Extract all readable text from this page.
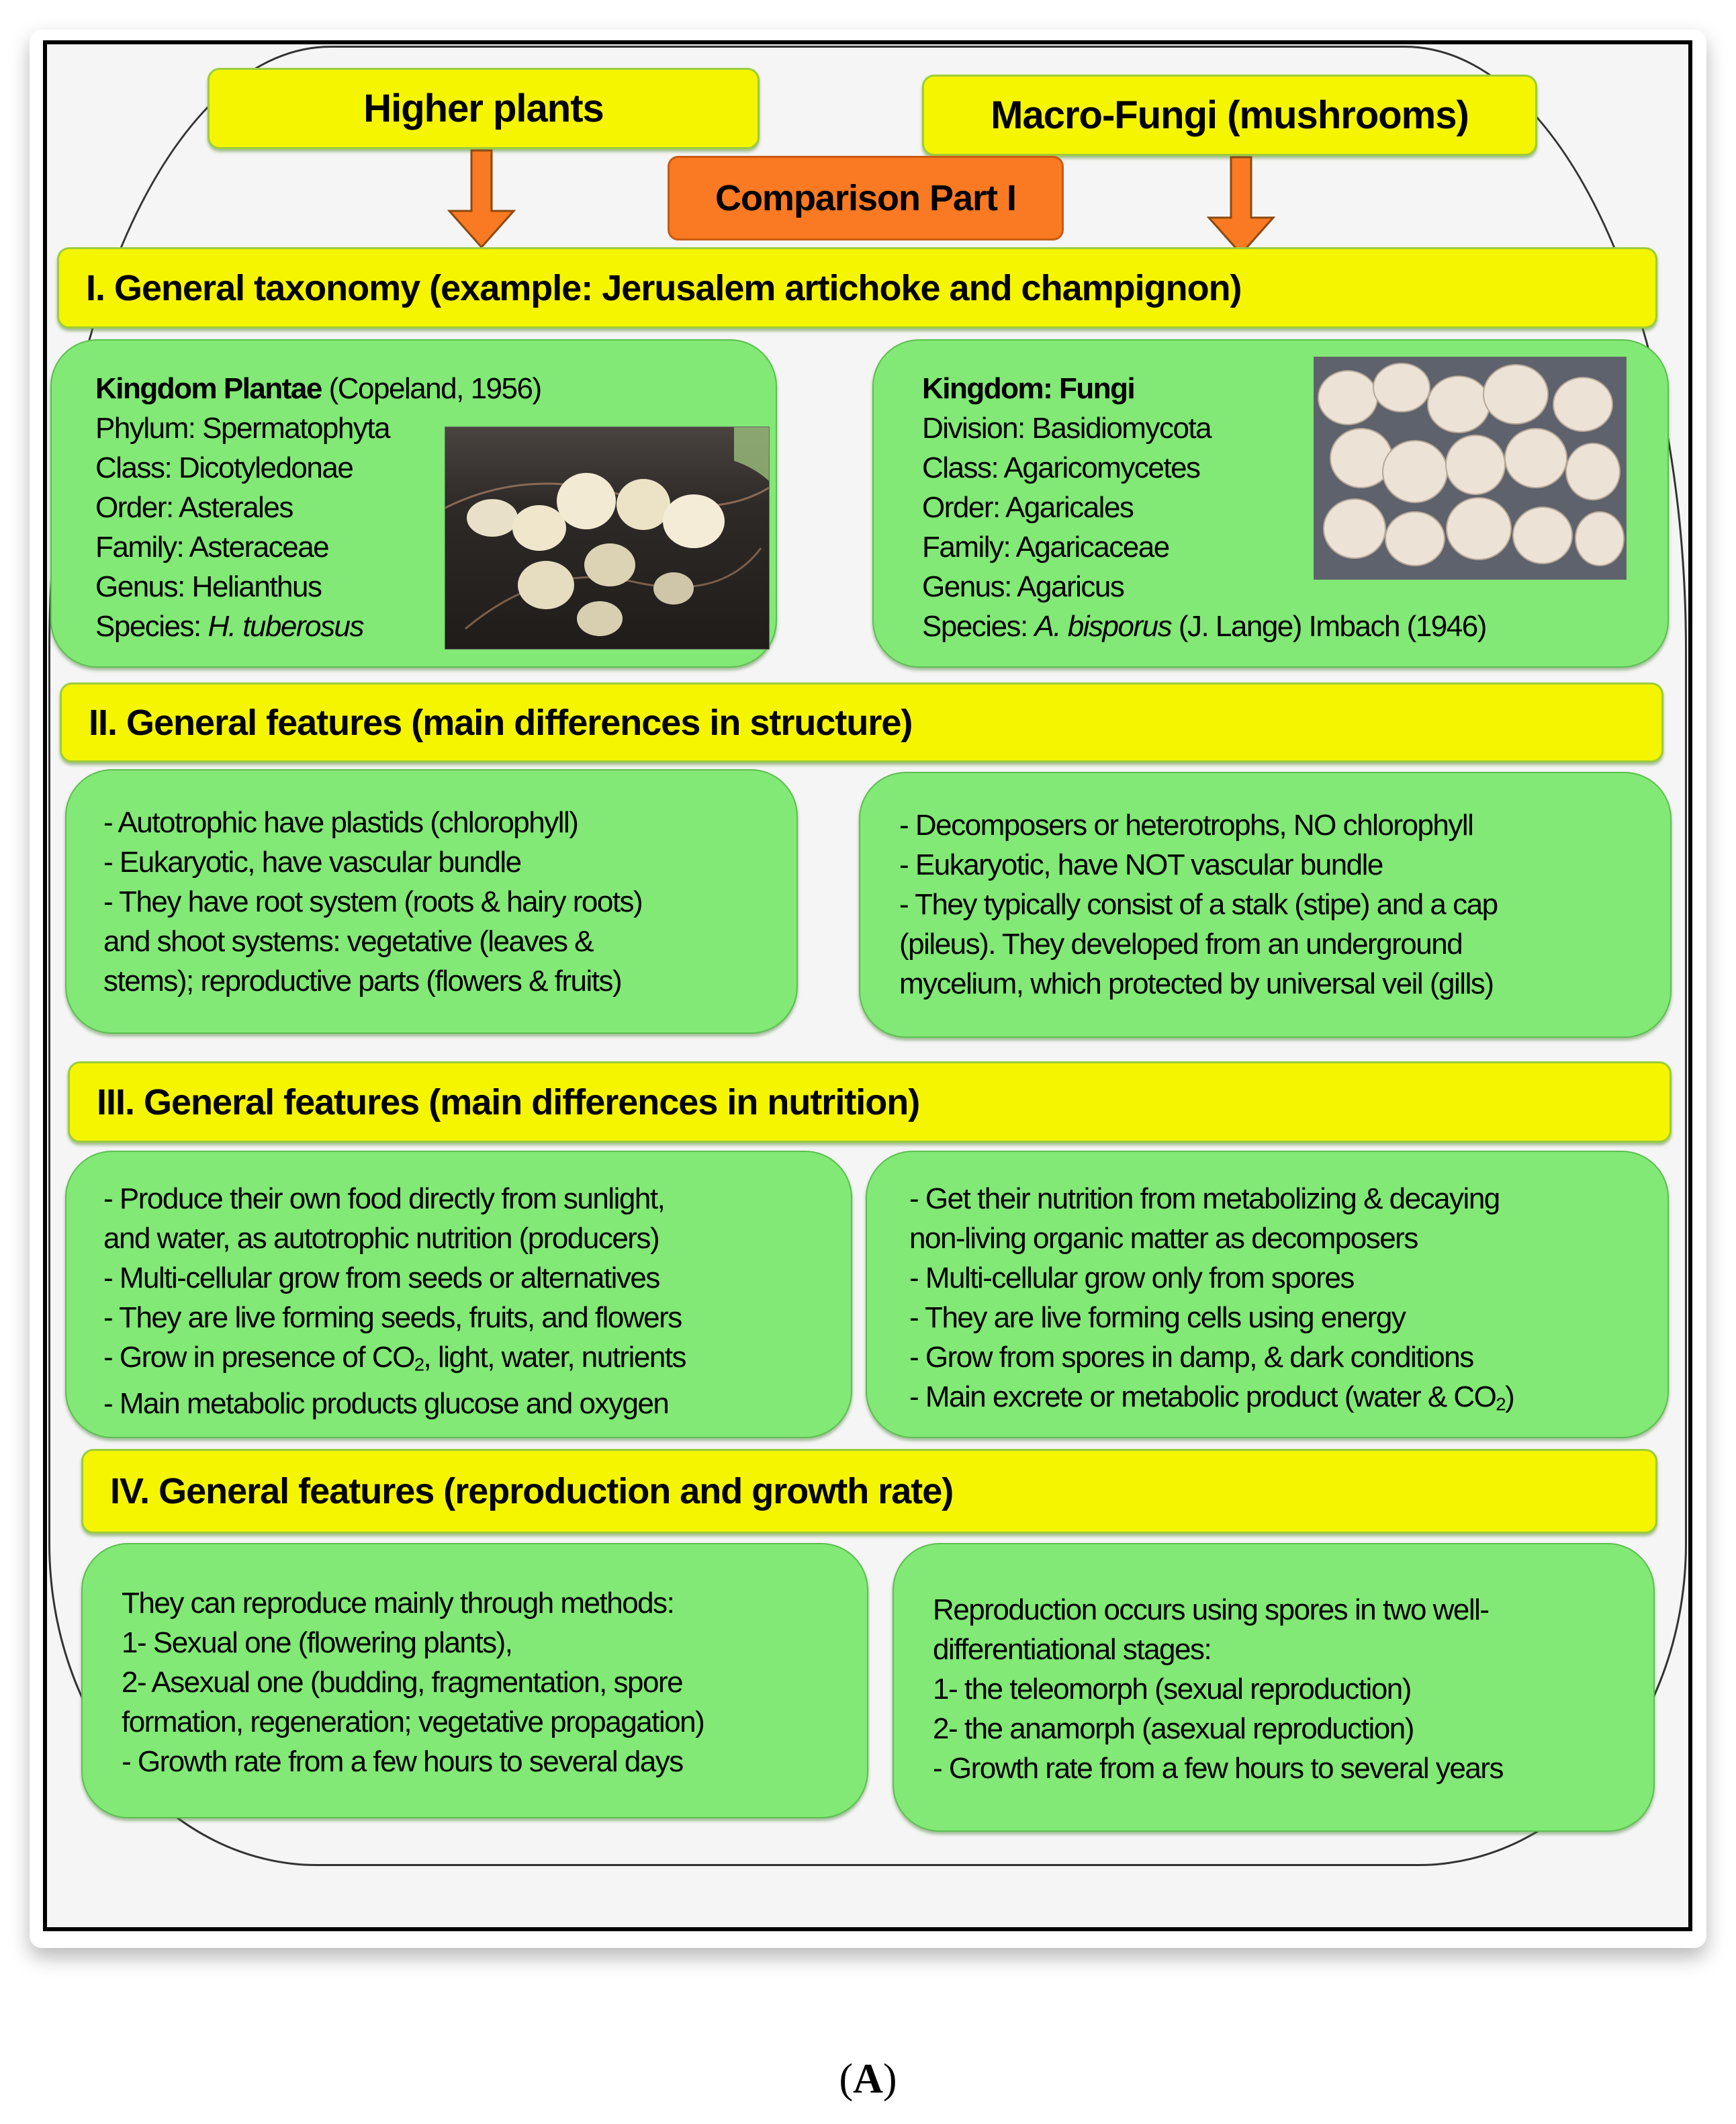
Higher plants	Macro-Fungi (mushrooms)
Comparison Part I
I. General taxonomy (example: Jerusalem artichoke and champignon)
Kingdom Plantae (Copeland, 1956)
Phylum: Spermatophyta
Class: Dicotyledonae
Order: Asterales
Family: Asteraceae
Genus: Helianthus
Species: H. tuberosus
Kingdom: Fungi
Division: Basidiomycota
Class: Agaricomycetes
Order: Agaricales
Family: Agaricaceae
Genus: Agaricus
Species: A. bisporus (J. Lange) Imbach (1946)
II. General features (main differences in structure)
- Autotrophic have plastids (chlorophyll)
- Eukaryotic, have vascular bundle
- They have root system (roots & hairy roots)
and shoot systems: vegetative (leaves &
stems); reproductive parts (flowers & fruits)
- Decomposers or heterotrophs, NO chlorophyll
- Eukaryotic, have NOT vascular bundle
- They typically consist of a stalk (stipe) and a cap
(pileus). They developed from an underground
mycelium, which protected by universal veil (gills)
III. General features (main differences in nutrition)
- Produce their own food directly from sunlight,
and water, as autotrophic nutrition (producers)
- Multi-cellular grow from seeds or alternatives
- They are live forming seeds, fruits, and flowers
- Grow in presence of $CO_2$, light, water, nutrients
- Main metabolic products glucose and oxygen
- Get their nutrition from metabolizing & decaying
non-living organic matter as decomposers
- Multi-cellular grow only from spores
- They are live forming cells using energy
- Grow from spores in damp, & dark conditions
- Main excrete or metabolic product (water & $CO_2$)
IV. General features (reproduction and growth rate)
They can reproduce mainly through methods:
1- Sexual one (flowering plants),
2- Asexual one (budding, fragmentation, spore
formation, regeneration; vegetative propagation)
- Growth rate from a few hours to several days
Reproduction occurs using spores in two well-
differentiational stages:
1- the teleomorph (sexual reproduction)
2- the anamorph (asexual reproduction)
- Growth rate from a few hours to several years
(A)
